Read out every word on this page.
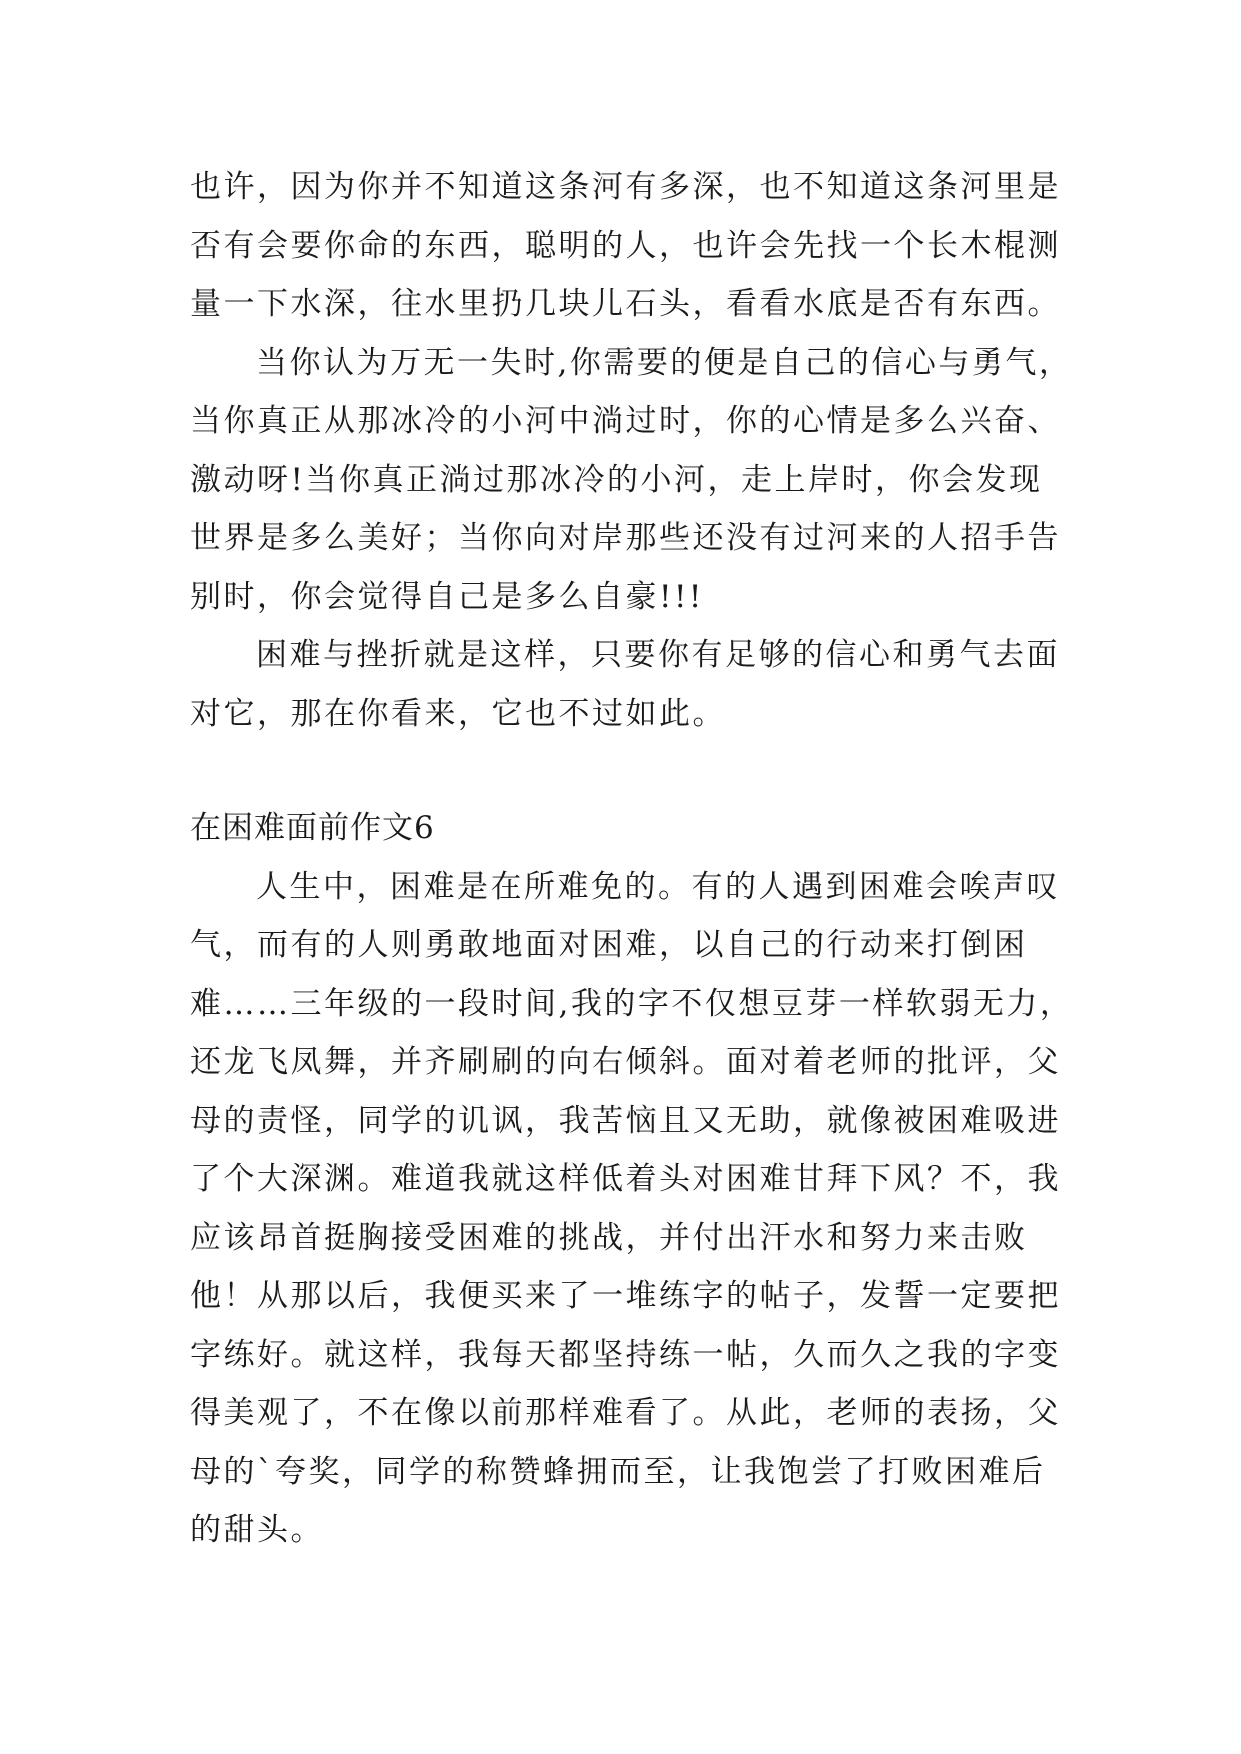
也许，因为你并不知道这条河有多深，也不知道这条河里是
否有会要你命的东西，聪明的人，也许会先找一个长木棍测
量一下水深，往水里扔几块儿石头，看看水底是否有东西。
当你认为万无一失时,你需要的便是自己的信心与勇气，
当你真正从那冰冷的小河中淌过时，你的心情是多么兴奋、
激动呀!当你真正淌过那冰冷的小河，走上岸时，你会发现
世界是多么美好；当你向对岸那些还没有过河来的人招手告
别时，你会觉得自己是多么自豪!!!
困难与挫折就是这样，只要你有足够的信心和勇气去面
对它，那在你看来，它也不过如此。
在困难面前作文6
人生中，困难是在所难免的。有的人遇到困难会唉声叹
气，而有的人则勇敢地面对困难，以自己的行动来打倒困
难……三年级的一段时间,我的字不仅想豆芽一样软弱无力，
还龙飞凤舞，并齐刷刷的向右倾斜。面对着老师的批评，父
母的责怪，同学的讥讽，我苦恼且又无助，就像被困难吸进
了个大深渊。难道我就这样低着头对困难甘拜下风？不，我
应该昂首挺胸接受困难的挑战，并付出汗水和努力来击败
他！从那以后，我便买来了一堆练字的帖子，发誓一定要把
字练好。就这样，我每天都坚持练一帖，久而久之我的字变
得美观了，不在像以前那样难看了。从此，老师的表扬，父
母的`夸奖，同学的称赞蜂拥而至，让我饱尝了打败困难后
的甜头。
